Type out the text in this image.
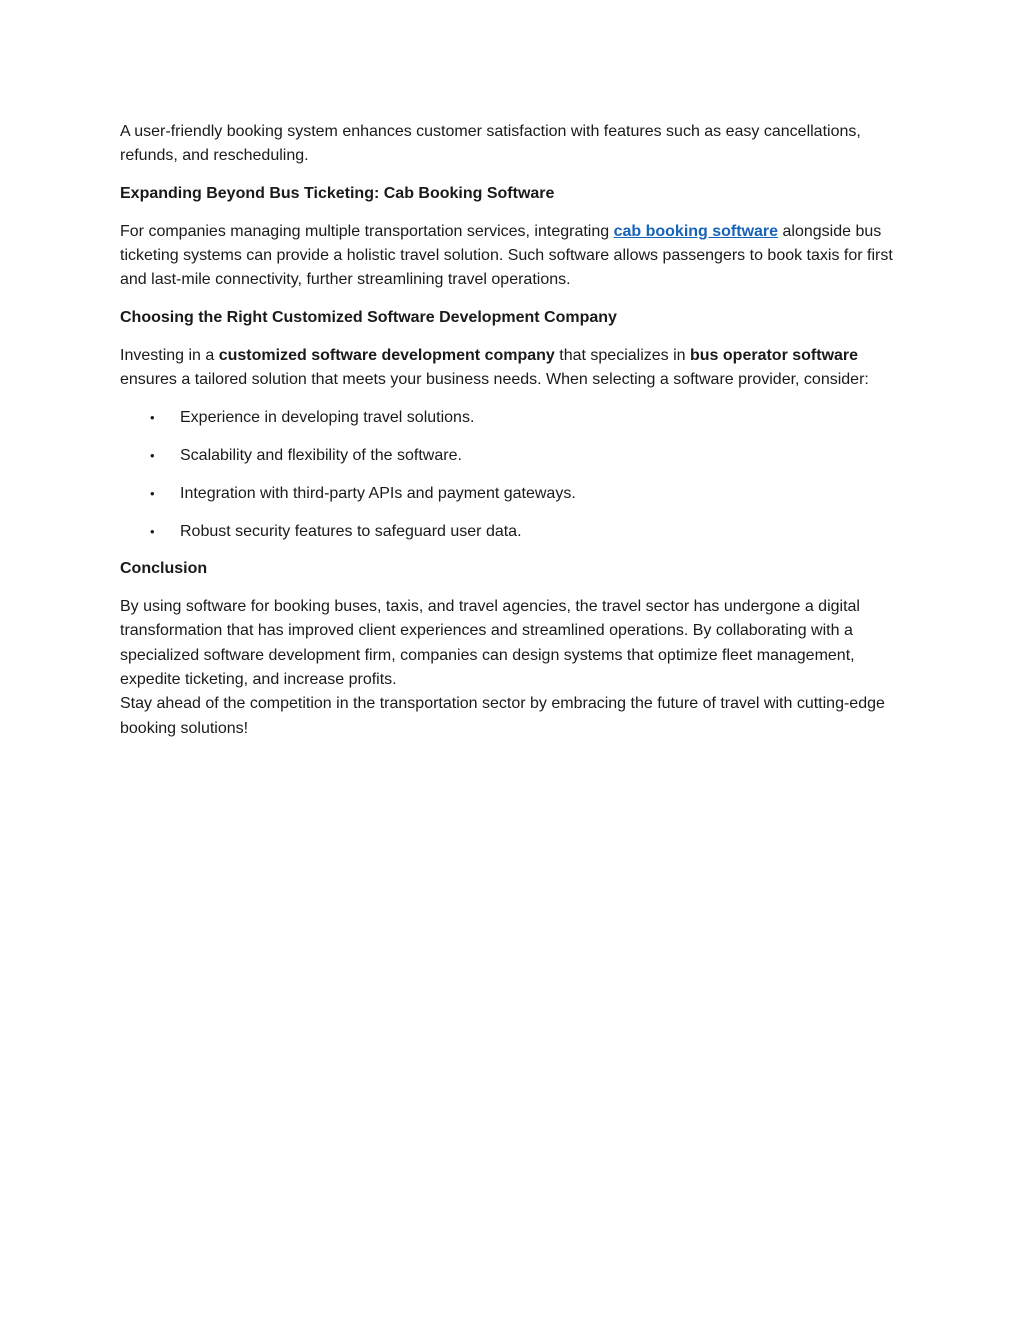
A user-friendly booking system enhances customer satisfaction with features such as easy cancellations, refunds, and rescheduling.

Expanding Beyond Bus Ticketing: Cab Booking Software

For companies managing multiple transportation services, integrating cab booking software alongside bus ticketing systems can provide a holistic travel solution. Such software allows passengers to book taxis for first and last-mile connectivity, further streamlining travel operations.

Choosing the Right Customized Software Development Company

Investing in a customized software development company that specializes in bus operator software ensures a tailored solution that meets your business needs. When selecting a software provider, consider:

• Experience in developing travel solutions.
• Scalability and flexibility of the software.
• Integration with third-party APIs and payment gateways.
• Robust security features to safeguard user data.

Conclusion

By using software for booking buses, taxis, and travel agencies, the travel sector has undergone a digital transformation that has improved client experiences and streamlined operations. By collaborating with a specialized software development firm, companies can design systems that optimize fleet management, expedite ticketing, and increase profits.

Stay ahead of the competition in the transportation sector by embracing the future of travel with cutting-edge booking solutions!
